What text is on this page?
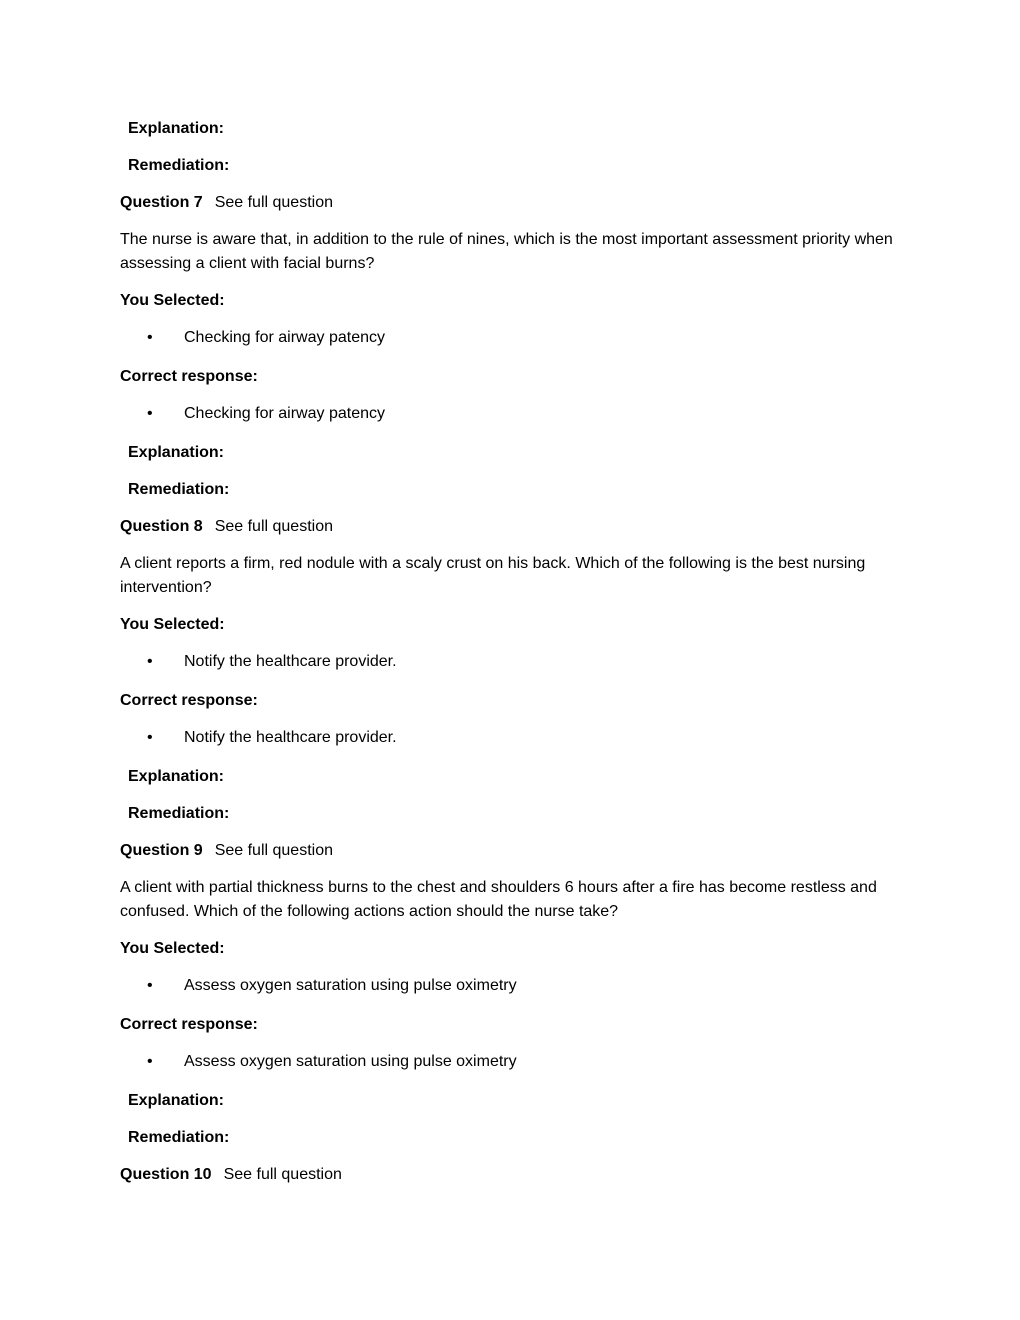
Explanation:

Remediation:

Question 7 See full question

The nurse is aware that, in addition to the rule of nines, which is the most important assessment priority when assessing a client with facial burns?

You Selected:

• Checking for airway patency

Correct response:

• Checking for airway patency

Explanation:

Remediation:

Question 8 See full question

A client reports a firm, red nodule with a scaly crust on his back. Which of the following is the best nursing intervention?

You Selected:

• Notify the healthcare provider.

Correct response:

• Notify the healthcare provider.

Explanation:

Remediation:

Question 9 See full question

A client with partial thickness burns to the chest and shoulders 6 hours after a fire has become restless and confused. Which of the following actions action should the nurse take?

You Selected:

• Assess oxygen saturation using pulse oximetry

Correct response:

• Assess oxygen saturation using pulse oximetry

Explanation:

Remediation:

Question 10 See full question
